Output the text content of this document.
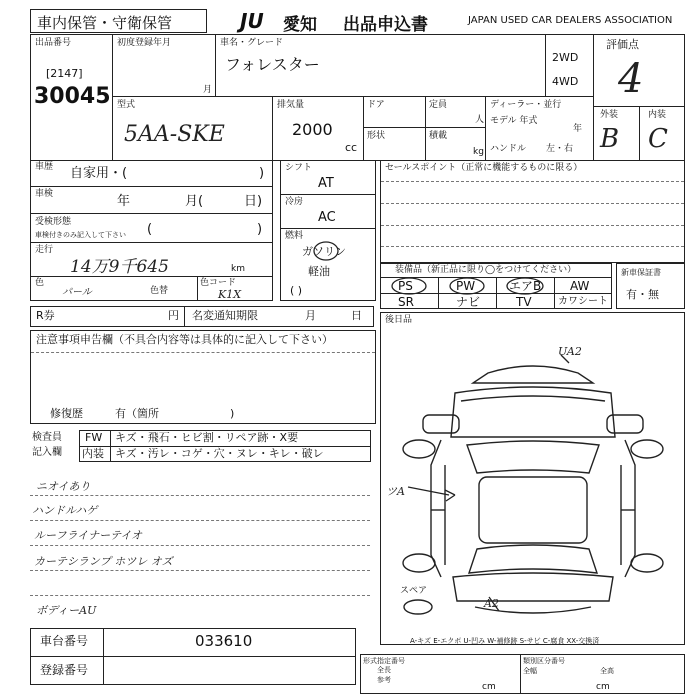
車内保管・守衛保管	JU 愛知 出品申込書	JAPAN USED CAR DEALERS ASSOCIATION
出品番号
[2147]
30045
初度登録年月
月
車名・グレード
フォレスター	2WD
4WD
評価点
4
外装	内装
B C
型式
5AA-SKE
排気量
2000
cc
ドア	定員
人
形状	積載
kg
ディーラー・並行
モデル 年式
年
ハンドル 左・右
車歴 自家用・(	)
車検	年	月(	日)
受検形態
車検付きのみ記入して下さい (	)
走行
14万9千645	km
色
パール	色替
色コード
K1X
シフト
AT
冷房
AC
燃料
ガソリン
軽油
( )
セールスポイント（正常に機能するものに限る）
装備品（新正品に限り◯をつけてください）
PS	PW	エアB AW
SR	ナビ	TV	カワシート
新車保証書
有・無
R券	円 名変通知期限	月	日
注意事項申告欄（不具合内容等は具体的に記入して下さい）
修復歴	有（箇所	)
検査員
記入欄
FW キズ・飛石・ヒビ割・リペア跡・X要
内装 キズ・汚レ・コゲ・穴・ヌレ・キレ・破レ
ニオイあり
ハンドルハゲ
ルーフライナーテイオ
カーテシランプ ホツレ オズ
ボディーAU
後日品
UA2
ツA
A2
スペア
A-キズ E-エクボ U-凹み W-補修跡 S-サビ C-腐食 XX-交換済
車台番号	033610
登録番号
形式指定番号
全長
参考
cm
類別区分番号
全幅	全高
cm
